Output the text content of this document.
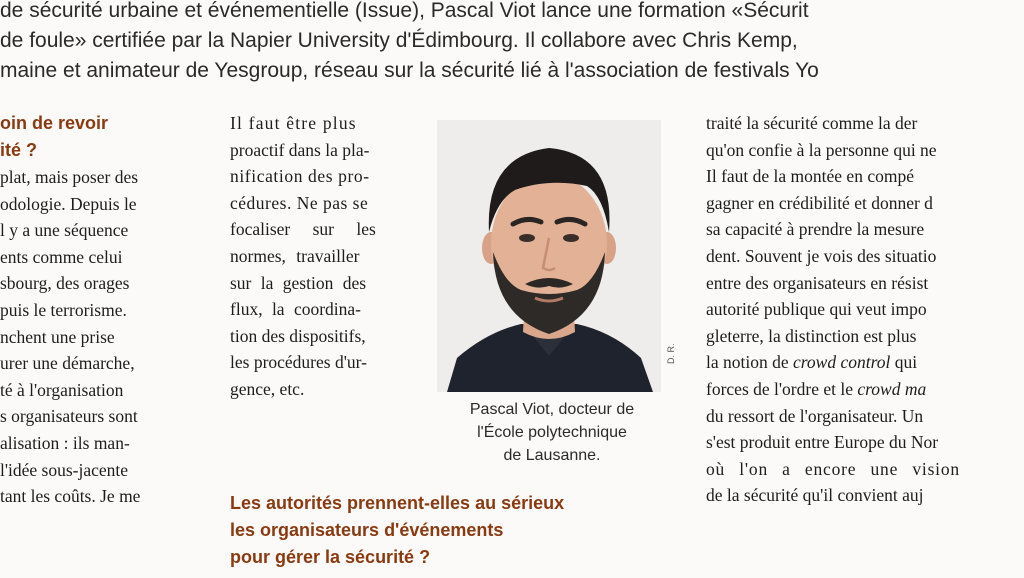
de sécurité urbaine et événementielle (Issue), Pascal Viot lance une formation «Sécurit
de foule» certifiée par la Napier University d'Édimbourg. Il collabore avec Chris Kemp,
maine et animateur de Yesgroup, réseau sur la sécurité lié à l'association de festivals Yo
oin de revoir
ité ?

plat, mais poser des

odologie. Depuis le

l y a une séquence

ents comme celui

sbourg, des orages

puis le terrorisme.

nchent une prise

urer une démarche,

té à l'organisation

s organisateurs sont

alisation : ils man-

l'idée sous-jacente

tant les coûts. Je me

Il faut être plus

proactif dans la pla-

nification des pro-

cédures. Ne pas se

focaliser sur les

normes, travailler

sur la gestion des

flux, la coordina-

tion des dispositifs,

les procédures d'ur-

gence, etc.

D. R.
Pascal Viot, docteur de
l'École polytechnique
de Lausanne.
Les autorités prennent-elles au sérieux
les organisateurs d'événements
pour gérer la sécurité ?

traité la sécurité comme la der

qu'on confie à la personne qui ne

Il faut de la montée en compé

gagner en crédibilité et donner d

sa capacité à prendre la mesure

dent. Souvent je vois des situatio

entre des organisateurs en résist

autorité publique qui veut impo

gleterre, la distinction est plus

la notion de crowd control qui

forces de l'ordre et le crowd ma

du ressort de l'organisateur. Un

s'est produit entre Europe du Nor

où l'on a encore une vision

de la sécurité qu'il convient auj
